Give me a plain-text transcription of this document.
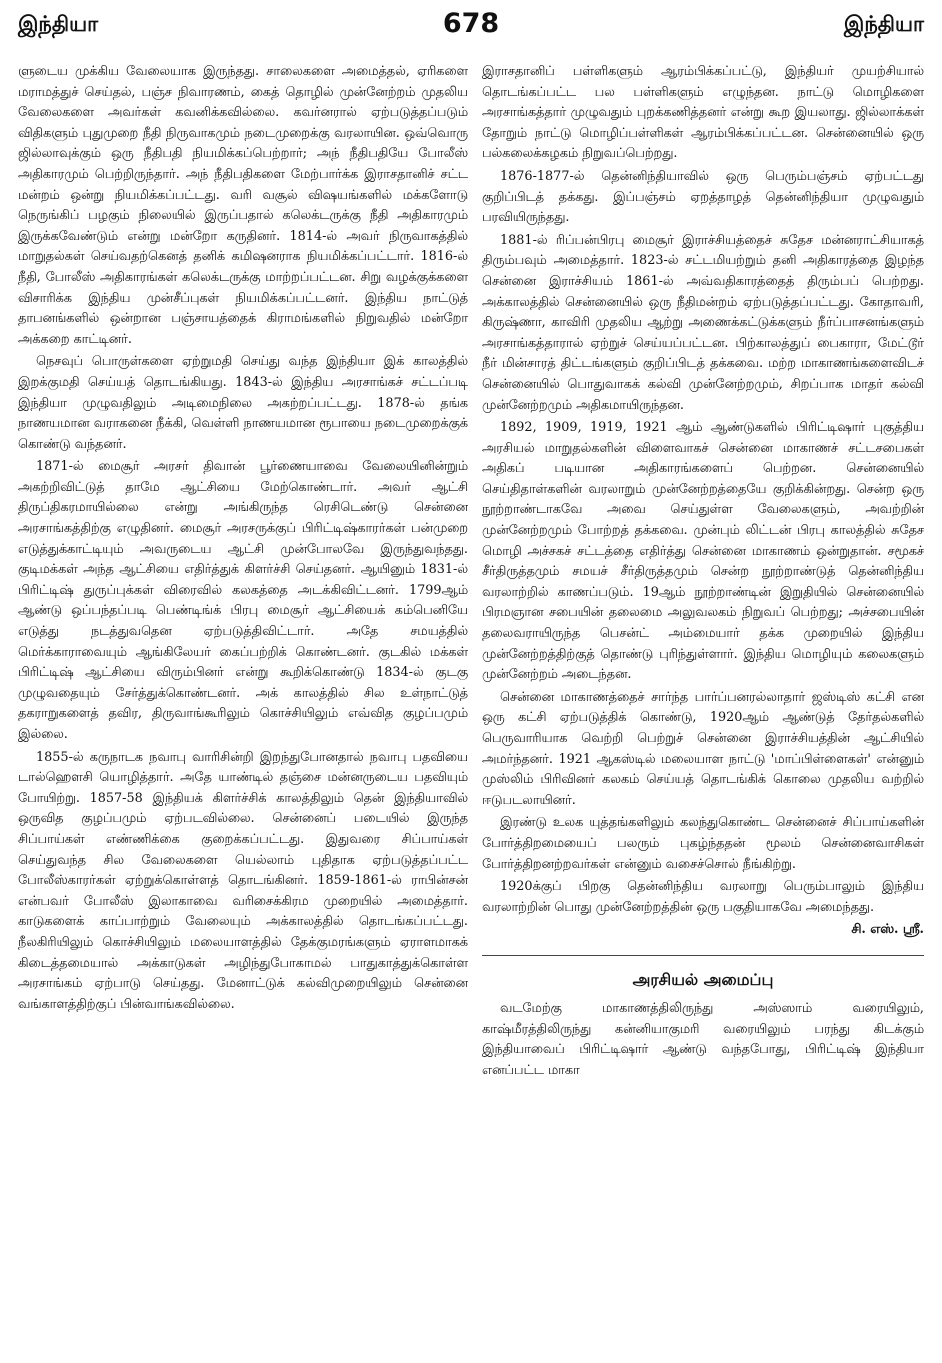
இந்தியா	678	இந்தியா

ளுடைய முக்கிய வேலையாக இருந்தது. சாலைகளை அமைத்தல், ஏரிகளை மராமத்துச் செய்தல், பஞ்ச நிவாரணம், கைத் தொழில் முன்னேற்றம் முதலிய வேலைகளை அவர்கள் கவனிக்கவில்லை. கவர்னரால் ஏற்படுத்தப்படும் விதிகளும் புதுமுறை நீதி நிருவாகமும் நடைமுறைக்கு வரலாயின. ஒவ்வொரு ஜில்லாவுக்கும் ஒரு நீதிபதி நியமிக்கப்பெற்றார்; அந் நீதிபதியே போலீஸ் அதிகாரமும் பெற்றிருந்தார். அந் நீதிபதிகளை மேற்பார்க்க இராசதானிச் சட்ட மன்றம் ஒன்று நியமிக்கப்பட்டது. வரி வசூல் விஷயங்களில் மக்களோடு நெருங்கிப் பழகும் நிலையில் இருப்பதால் கலெக்டருக்கு நீதி அதிகாரமும் இருக்கவேண்டும் என்று மன்றோ கருதினர். 1814-ல் அவர் நிருவாகத்தில் மாறுதல்கள் செய்வதற்கெனத் தனிக் கமிஷனராக நியமிக்கப்பட்டார். 1816-ல் நீதி, போலீஸ் அதிகாரங்கள் கலெக்டருக்கு மாற்றப்பட்டன. சிறு வழக்குக்களை விசாரிக்க இந்திய முன்சீப்புகள் நியமிக்கப்பட்டனர். இந்திய நாட்டுத் தாபனங்களில் ஒன்றான பஞ்சாயத்தைக் கிராமங்களில் நிறுவதில் மன்றோ அக்கறை காட்டினர்.

நெசவுப் பொருள்களை ஏற்றுமதி செய்து வந்த இந்தியா இக் காலத்தில் இறக்குமதி செய்யத் தொடங்கியது. 1843-ல் இந்திய அரசாங்கச் சட்டப்படி இந்தியா முழுவதிலும் அடிமைநிலை அகற்றப்பட்டது. 1878-ல் தங்க நாணயமான வராகனை நீக்கி, வெள்ளி நாணயமான ரூபாயை நடைமுறைக்குக் கொண்டு வந்தனர்.

1871-ல் மைசூர் அரசர் திவான் பூர்ணையாவை வேலையினின்றும் அகற்றிவிட்டுத் தாமே ஆட்சியை மேற்கொண்டார். அவர் ஆட்சி திருப்திகரமாயில்லை என்று அங்கிருந்த ரெசிடெண்டு சென்னை அரசாங்கத்திற்கு எழுதினர். மைசூர் அரசருக்குப் பிரிட்டிஷ்காரர்கள் பன்முறை எடுத்துக்காட்டியும் அவருடைய ஆட்சி முன்போலவே இருந்துவந்தது. குடிமக்கள் அந்த ஆட்சியை எதிர்த்துக் கிளர்ச்சி செய்தனர். ஆயினும் 1831-ல் பிரிட்டிஷ் துருப்புக்கள் விரைவில் கலகத்தை அடக்கிவிட்டனர். 1799ஆம் ஆண்டு ஒப்பந்தப்படி பெண்டிங்க் பிரபு மைசூர் ஆட்சியைக் கம்பெனியே எடுத்து நடத்துவதென ஏற்படுத்திவிட்டார். அதே சமயத்தில் மெர்க்காராவையும் ஆங்கிலேயர் கைப்பற்றிக் கொண்டனர். குடகில் மக்கள் பிரிட்டிஷ் ஆட்சியை விரும்பினர் என்று கூறிக்கொண்டு 1834-ல் குடகு முழுவதையும் சேர்த்துக்கொண்டனர். அக் காலத்தில் சில உள்நாட்டுத் தகராறுகளைத் தவிர, திருவாங்கூரிலும் கொச்சியிலும் எவ்வித குழப்பமும் இல்லை.

1855-ல் கருநாடக நவாபு வாரிசின்றி இறந்துபோனதால் நவாபு பதவியை டால்ஹௌசி யொழித்தார். அதே யாண்டில் தஞ்சை மன்னருடைய பதவியும் போயிற்று. 1857-58 இந்தியக் கிளர்ச்சிக் காலத்திலும் தென் இந்தியாவில் ஒருவித குழப்பமும் ஏற்படவில்லை. சென்னைப் படையில் இருந்த சிப்பாய்கள் எண்ணிக்கை குறைக்கப்பட்டது. இதுவரை சிப்பாய்கள் செய்துவந்த சில வேலைகளை யெல்லாம் புதிதாக ஏற்படுத்தப்பட்ட போலீஸ்காரர்கள் ஏற்றுக்கொள்ளத் தொடங்கினர். 1859-1861-ல் ராபின்சன் என்பவர் போலீஸ் இலாகாவை வரிசைக்கிரம முறையில் அமைத்தார். காடுகளைக் காப்பாற்றும் வேலையும் அக்காலத்தில் தொடங்கப்பட்டது. நீலகிரியிலும் கொச்சியிலும் மலையாளத்தில் தேக்குமரங்களும் ஏராளமாகக் கிடைத்தமையால் அக்காடுகள் அழிந்துபோகாமல் பாதுகாத்துக்கொள்ள அரசாங்கம் ஏற்பாடு செய்தது. மேனாட்டுக் கல்விமுறையிலும் சென்னை வங்காளத்திற்குப் பின்வாங்கவில்லை.

இராசதானிப் பள்ளிகளும் ஆரம்பிக்கப்பட்டு, இந்தியர் முயற்சியால் தொடங்கப்பட்ட பல பள்ளிகளும் எழுந்தன. நாட்டு மொழிகளை அரசாங்கத்தார் முழுவதும் புறக்கணித்தனர் என்று கூற இயலாது. ஜில்லாக்கள் தோறும் நாட்டு மொழிப்பள்ளிகள் ஆரம்பிக்கப்பட்டன. சென்னையில் ஒரு பல்கலைக்கழகம் நிறுவப்பெற்றது.

1876-1877-ல் தென்னிந்தியாவில் ஒரு பெரும்பஞ்சம் ஏற்பட்டது குறிப்பிடத் தக்கது. இப்பஞ்சம் ஏறத்தாழத் தென்னிந்தியா முழுவதும் பரவியிருந்தது.

1881-ல் ரிப்பன்பிரபு மைசூர் இராச்சியத்தைச் சுதேச மன்னராட்சியாகத் திரும்பவும் அமைத்தார். 1823-ல் சட்டமியற்றும் தனி அதிகாரத்தை இழந்த சென்னை இராச்சியம் 1861-ல் அவ்வதிகாரத்தைத் திரும்பப் பெற்றது. அக்காலத்தில் சென்னையில் ஒரு நீதிமன்றம் ஏற்படுத்தப்பட்டது. கோதாவரி, கிருஷ்ணா, காவிரி முதலிய ஆற்று அணைக்கட்டுக்களும் நீர்ப்பாசனங்களும் அரசாங்கத்தாரால் ஏற்றுச் செய்யப்பட்டன. பிற்காலத்துப் பைகாரா, மேட்டூர் நீர் மின்சாரத் திட்டங்களும் குறிப்பிடத் தக்கவை. மற்ற மாகாணங்களைவிடச் சென்னையில் பொதுவாகக் கல்வி முன்னேற்றமும், சிறப்பாக மாதர் கல்வி முன்னேற்றமும் அதிகமாயிருந்தன.

1892, 1909, 1919, 1921 ஆம் ஆண்டுகளில் பிரிட்டிஷார் புகுத்திய அரசியல் மாறுதல்களின் விளைவாகச் சென்னை மாகாணச் சட்டசபைகள் அதிகப் படியான அதிகாரங்களைப் பெற்றன. சென்னையில் செய்திதாள்களின் வரலாறும் முன்னேற்றத்தையே குறிக்கின்றது. சென்ற ஒரு நூற்றாண்டாகவே அவை செய்துள்ள வேலைகளும், அவற்றின் முன்னேற்றமும் போற்றத் தக்கவை. முன்பும் லிட்டன் பிரபு காலத்தில் சுதேச மொழி அச்சகச் சட்டத்தை எதிர்த்து சென்னை மாகாணம் ஒன்றுதான். சமூகச் சீர்திருத்தமும் சமயச் சீர்திருத்தமும் சென்ற நூற்றாண்டுத் தென்னிந்திய வரலாற்றில் காணப்படும். 19ஆம் நூற்றாண்டின் இறுதியில் சென்னையில் பிரமஞான சபையின் தலைமை அலுவலகம் நிறுவப் பெற்றது; அச்சபையின் தலைவராயிருந்த பெசன்ட் அம்மையார் தக்க முறையில் இந்திய முன்னேற்றத்திற்குத் தொண்டு புரிந்துள்ளார். இந்திய மொழியும் கலைகளும் முன்னேற்றம் அடைந்தன.

சென்னை மாகாணத்தைச் சார்ந்த பார்ப்பனரல்லாதார் ஜஸ்டிஸ் கட்சி என ஒரு கட்சி ஏற்படுத்திக் கொண்டு, 1920ஆம் ஆண்டுத் தேர்தல்களில் பெருவாரியாக வெற்றி பெற்றுச் சென்னை இராச்சியத்தின் ஆட்சியில் அமர்ந்தனர். 1921 ஆகஸ்டில் மலையாள நாட்டு 'மாப்பிள்ளைகள்' என்னும் முஸ்லிம் பிரிவினர் கலகம் செய்யத் தொடங்கிக் கொலை முதலிய வற்றில் ஈடுபடலாயினர்.

இரண்டு உலக யுத்தங்களிலும் கலந்துகொண்ட சென்னைச் சிப்பாய்களின் போர்த்திறமையைப் பலரும் புகழ்ந்ததன் மூலம் சென்னைவாசிகள் போர்த்திறனற்றவர்கள் என்னும் வசைச்சொல் நீங்கிற்று.

1920க்குப் பிறகு தென்னிந்திய வரலாறு பெரும்பாலும் இந்திய வரலாற்றின் பொது முன்னேற்றத்தின் ஒரு பகுதியாகவே அமைந்தது.

சி. எஸ். ஸ்ரீ.
அரசியல் அமைப்பு

வடமேற்கு மாகாணத்திலிருந்து அஸ்ஸாம் வரையிலும், காஷ்மீரத்திலிருந்து கன்னியாகுமரி வரையிலும் பரந்து கிடக்கும் இந்தியாவைப் பிரிட்டிஷார் ஆண்டு வந்தபோது, பிரிட்டிஷ் இந்தியா எனப்பட்ட மாகா
